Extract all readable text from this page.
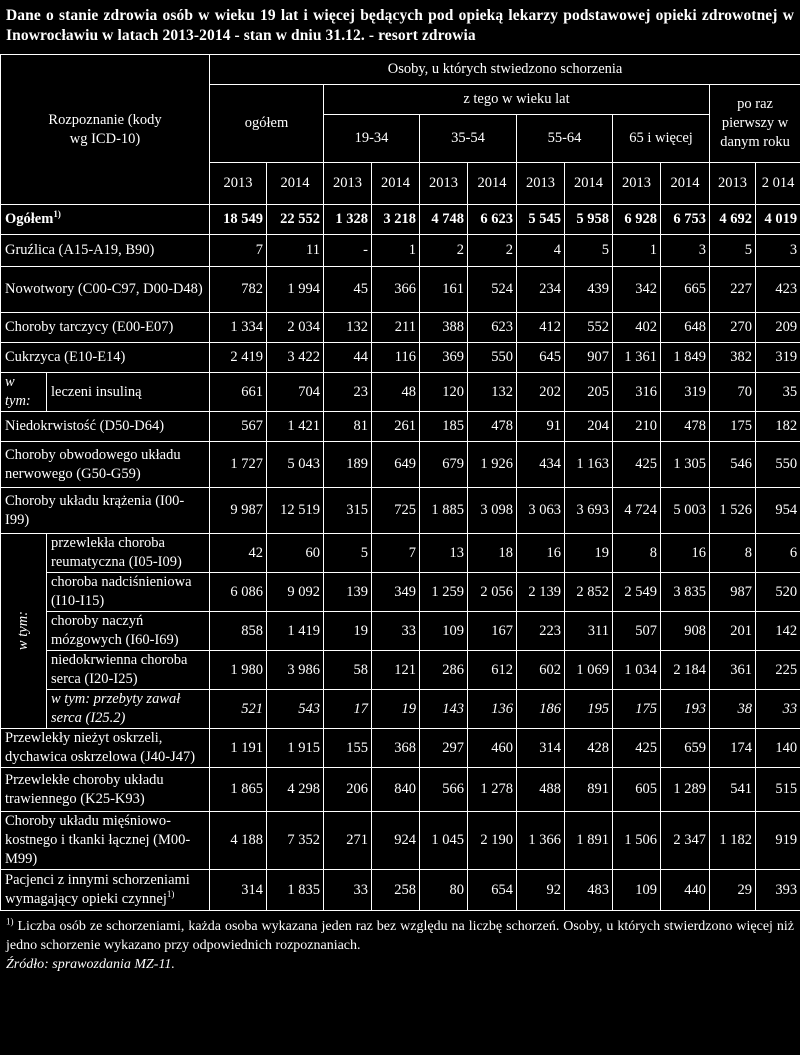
Dane o stanie zdrowia osób w wieku 19 lat i więcej będących pod opieką lekarzy podstawowej opieki zdrowotnej w Inowrocławiu w latach 2013-2014 - stan w dniu 31.12. - resort zdrowia
Rozpoznanie (kody wg ICD-10)		Osoby, u których stwiedzono schorzenia											
		ogółem		z tego w wieku lat								po raz pierwszy w danym roku	
				19-34		35-54		55-64		65 i więcej			
		2013	2014	2013	2014	2013	2014	2013	2014	2013	2014	2013	2 014
Ogółem$^{1)}$		18 549	22 552	1 328	3 218	4 748	6 623	5 545	5 958	6 928	6 753	4 692	4 019
Gruźlica (A15-A19, B90)		7	11	-	1	2	2	4	5	1	3	5	3
Nowotwory (C00-C97, D00-D48)		782	1 994	45	366	161	524	234	439	342	665	227	423
Choroby tarczycy (E00-E07)		1 334	2 034	132	211	388	623	412	552	402	648	270	209
Cukrzyca (E10-E14)		2 419	3 422	44	116	369	550	645	907	1 361	1 849	382	319
w tym:	leczeni insuliną	661	704	23	48	120	132	202	205	316	319	70	35
Niedokrwistość (D50-D64)		567	1 421	81	261	185	478	91	204	210	478	175	182
Choroby obwodowego układu nerwowego (G50-G59)		1 727	5 043	189	649	679	1 926	434	1 163	425	1 305	546	550
Choroby układu krążenia (I00-I99)		9 987	12 519	315	725	1 885	3 098	3 063	3 693	4 724	5 003	1 526	954

w tym:	przewlekła choroba reumatyczna (I05-I09)	42	60	5	7	13	18	16	19	8	16	8	6
	choroba nadciśnieniowa (I10-I15)	6 086	9 092	139	349	1 259	2 056	2 139	2 852	2 549	3 835	987	520
	choroby naczyń mózgowych (I60-I69)	858	1 419	19	33	109	167	223	311	507	908	201	142
	niedokrwienna choroba serca (I20-I25)	1 980	3 986	58	121	286	612	602	1 069	1 034	2 184	361	225
	w tym: przebyty zawał serca (I25.2)	521	543	17	19	143	136	186	195	175	193	38	33
Przewlekły nieżyt oskrzeli, dychawica oskrzelowa (J40-J47)		1 191	1 915	155	368	297	460	314	428	425	659	174	140
Przewlekłe choroby układu trawiennego (K25-K93)		1 865	4 298	206	840	566	1 278	488	891	605	1 289	541	515
Choroby układu mięśniowo-kostnego i tkanki łącznej (M00-M99)		4 188	7 352	271	924	1 045	2 190	1 366	1 891	1 506	2 347	1 182	919
Pacjenci z innymi schorzeniami wymagający opieki czynnej$^{1)}$		314	1 835	33	258	80	654	92	483	109	440	29	393
$^{1)}$ Liczba osób ze schorzeniami, każda osoba wykazana jeden raz bez względu na liczbę schorzeń. Osoby, u których stwierdzono więcej niż jedno schorzenie wykazano przy odpowiednich rozpoznaniach.
Źródło: sprawozdania MZ-11.
